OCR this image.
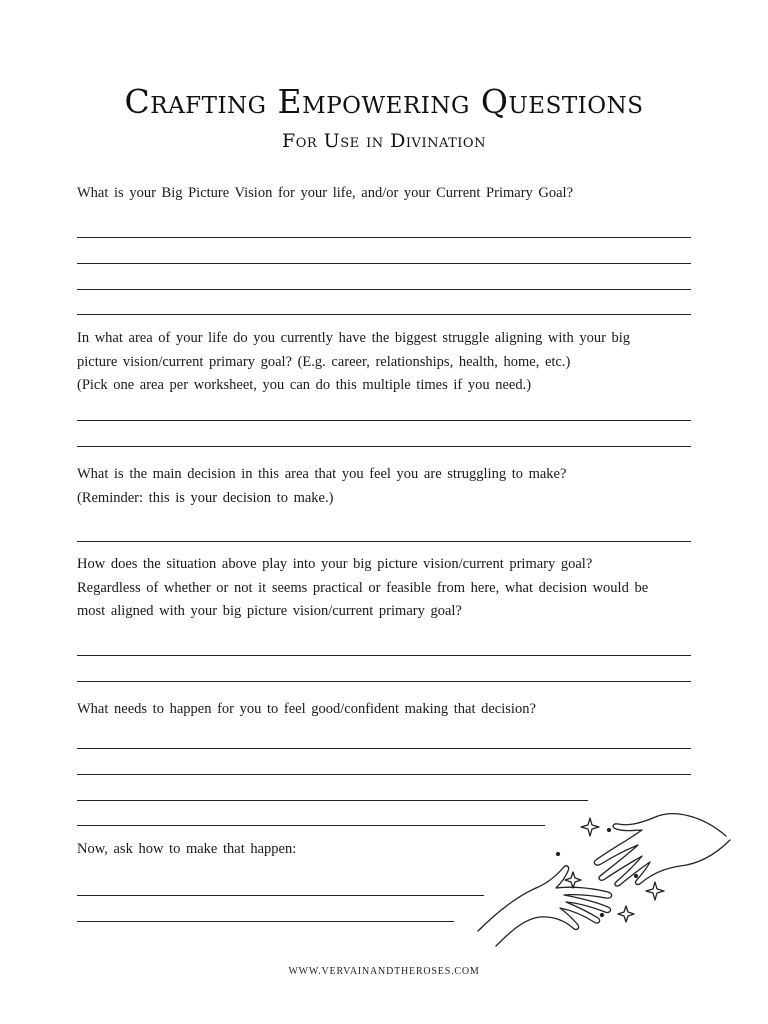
Crafting Empowering Questions
For Use in Divination
What is your Big Picture Vision for your life, and/or your Current Primary Goal?
In what area of your life do you currently have the biggest struggle aligning with your big
picture vision/current primary goal? (E.g. career, relationships, health, home, etc.)
(Pick one area per worksheet, you can do this multiple times if you need.)
What is the main decision in this area that you feel you are struggling to make?
(Reminder: this is your decision to make.)
How does the situation above play into your big picture vision/current primary goal?
Regardless of whether or not it seems practical or feasible from here, what decision would be
most aligned with your big picture vision/current primary goal?
What needs to happen for you to feel good/confident making that decision?
Now, ask how to make that happen:
WWW.VERVAINANDTHEROSES.COM
